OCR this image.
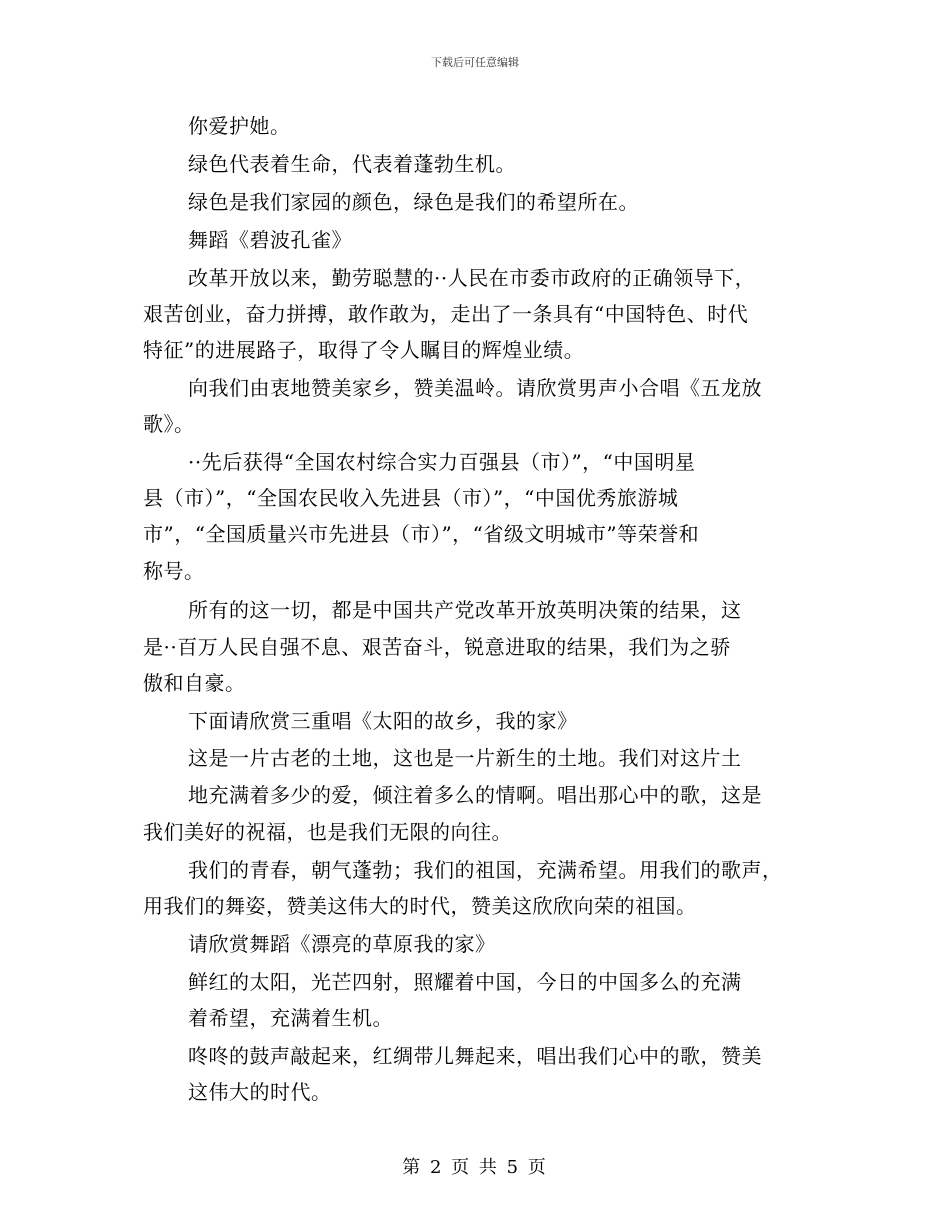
下载后可任意编辑
你爱护她。
绿色代表着生命，代表着蓬勃生机。
绿色是我们家园的颜色，绿色是我们的希望所在。
舞蹈《碧波孔雀》
改革开放以来，勤劳聪慧的··人民在市委市政府的正确领导下，
艰苦创业，奋力拼搏，敢作敢为，走出了一条具有“中国特色、时代
特征”的进展路子，取得了令人瞩目的辉煌业绩。
向我们由衷地赞美家乡，赞美温岭。请欣赏男声小合唱《五龙放
歌》。
··先后获得“全国农村综合实力百强县（市）”，“中国明星
县（市）”，“全国农民收入先进县（市）”，“中国优秀旅游城
市”，“全国质量兴市先进县（市）”，“省级文明城市”等荣誉和
称号。
所有的这一切，都是中国共产党改革开放英明决策的结果，这
是··百万人民自强不息、艰苦奋斗，锐意进取的结果，我们为之骄
傲和自豪。
下面请欣赏三重唱《太阳的故乡，我的家》
这是一片古老的土地，这也是一片新生的土地。我们对这片土
地充满着多少的爱，倾注着多么的情啊。唱出那心中的歌，这是
我们美好的祝福，也是我们无限的向往。
我们的青春，朝气蓬勃；我们的祖国，充满希望。用我们的歌声，
用我们的舞姿，赞美这伟大的时代，赞美这欣欣向荣的祖国。
请欣赏舞蹈《漂亮的草原我的家》
鲜红的太阳，光芒四射，照耀着中国，今日的中国多么的充满
着希望，充满着生机。
咚咚的鼓声敲起来，红绸带儿舞起来，唱出我们心中的歌，赞美
这伟大的时代。
第 2 页 共 5 页
